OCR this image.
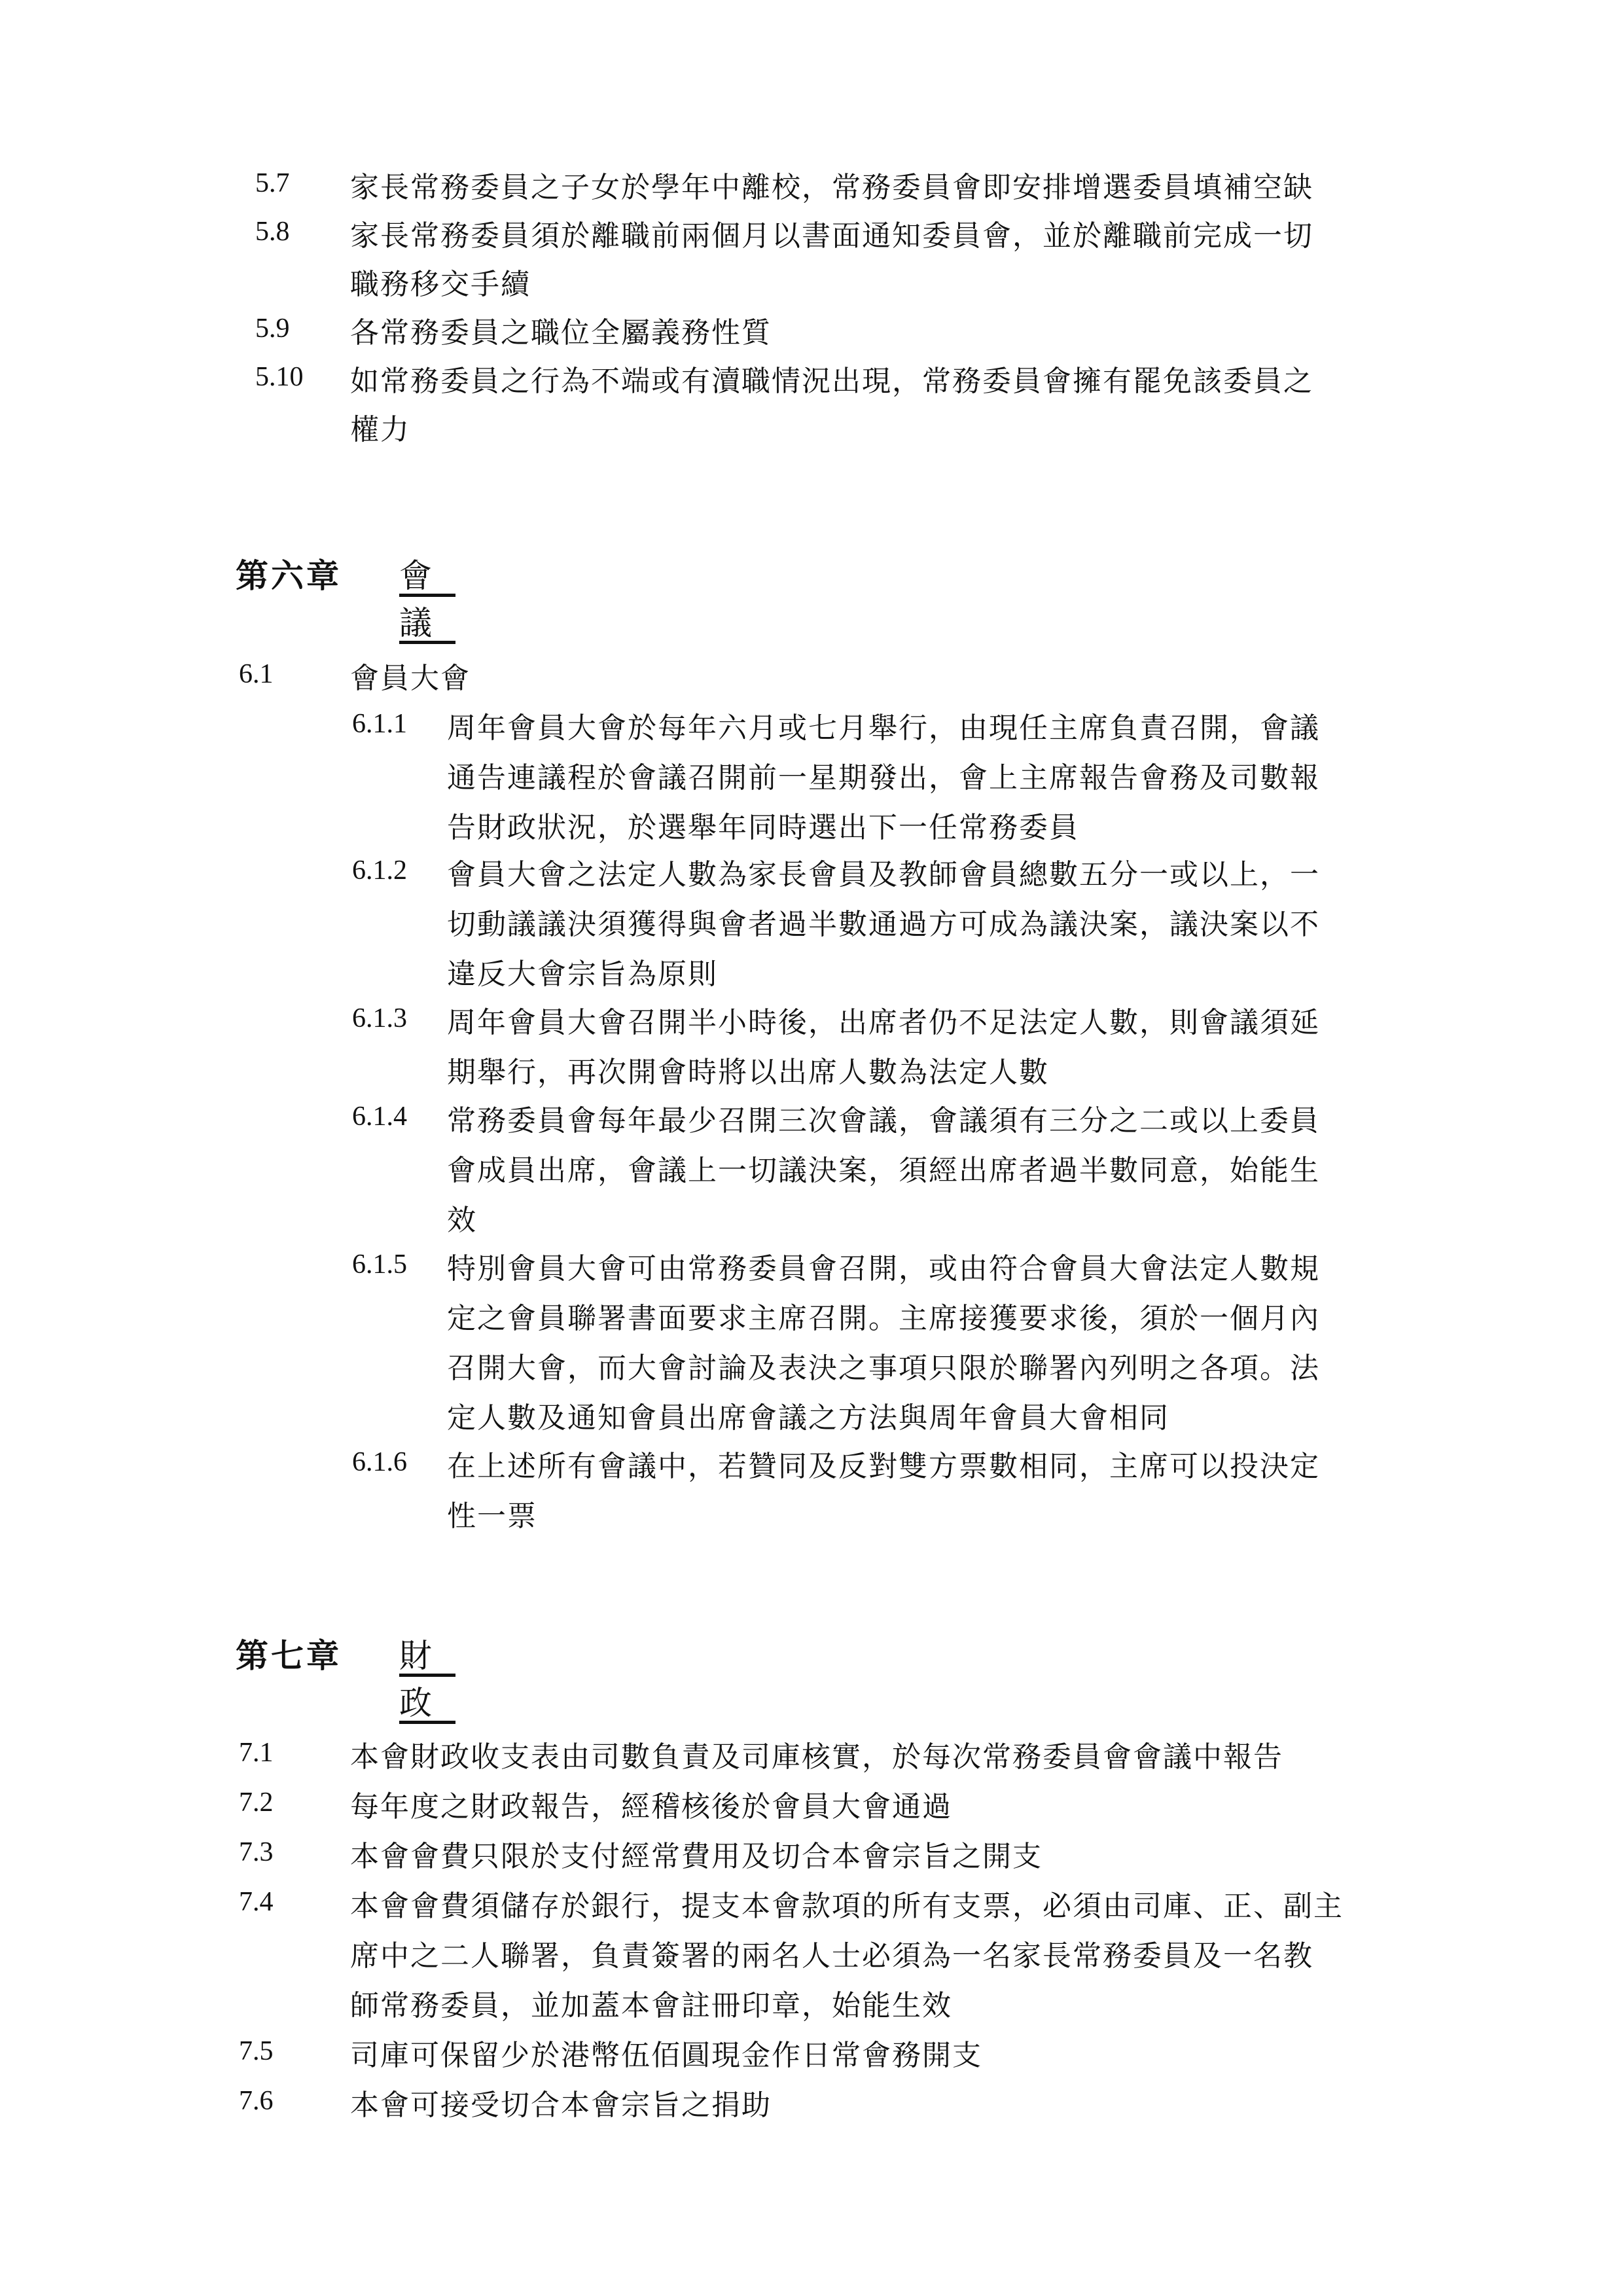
5.7 家長常務委員之子女於學年中離校，常務委員會即安排增選委員填補空缺
5.8 家長常務委員須於離職前兩個月以書面通知委員會，並於離職前完成一切
職務移交手續
5.9 各常務委員之職位全屬義務性質
5.10 如常務委員之行為不端或有瀆職情況出現，常務委員會擁有罷免該委員之
權力
第六章 會 議
6.1	會員大會
6.1.1 周年會員大會於每年六月或七月舉行，由現任主席負責召開，會議
通告連議程於會議召開前一星期發出，會上主席報告會務及司數報
告財政狀況，於選舉年同時選出下一任常務委員
6.1.2 會員大會之法定人數為家長會員及教師會員總數五分一或以上，一
切動議議決須獲得與會者過半數通過方可成為議決案，議決案以不
違反大會宗旨為原則
6.1.3 周年會員大會召開半小時後，出席者仍不足法定人數，則會議須延
期舉行，再次開會時將以出席人數為法定人數
6.1.4 常務委員會每年最少召開三次會議，會議須有三分之二或以上委員
會成員出席，會議上一切議決案，須經出席者過半數同意，始能生
效
6.1.5 特別會員大會可由常務委員會召開，或由符合會員大會法定人數規
定之會員聯署書面要求主席召開。主席接獲要求後，須於一個月內
召開大會，而大會討論及表決之事項只限於聯署內列明之各項。法
定人數及通知會員出席會議之方法與周年會員大會相同
6.1.6 在上述所有會議中，若贊同及反對雙方票數相同，主席可以投決定
性一票
第七章 財 政
7.1	本會財政收支表由司數負責及司庫核實，於每次常務委員會會議中報告
7.2	每年度之財政報告，經稽核後於會員大會通過
7.3	本會會費只限於支付經常費用及切合本會宗旨之開支
7.4	本會會費須儲存於銀行，提支本會款項的所有支票，必須由司庫、正、副主
席中之二人聯署，負責簽署的兩名人士必須為一名家長常務委員及一名教
師常務委員，並加蓋本會註冊印章，始能生效
7.5	司庫可保留少於港幣伍佰圓現金作日常會務開支
7.6	本會可接受切合本會宗旨之捐助
